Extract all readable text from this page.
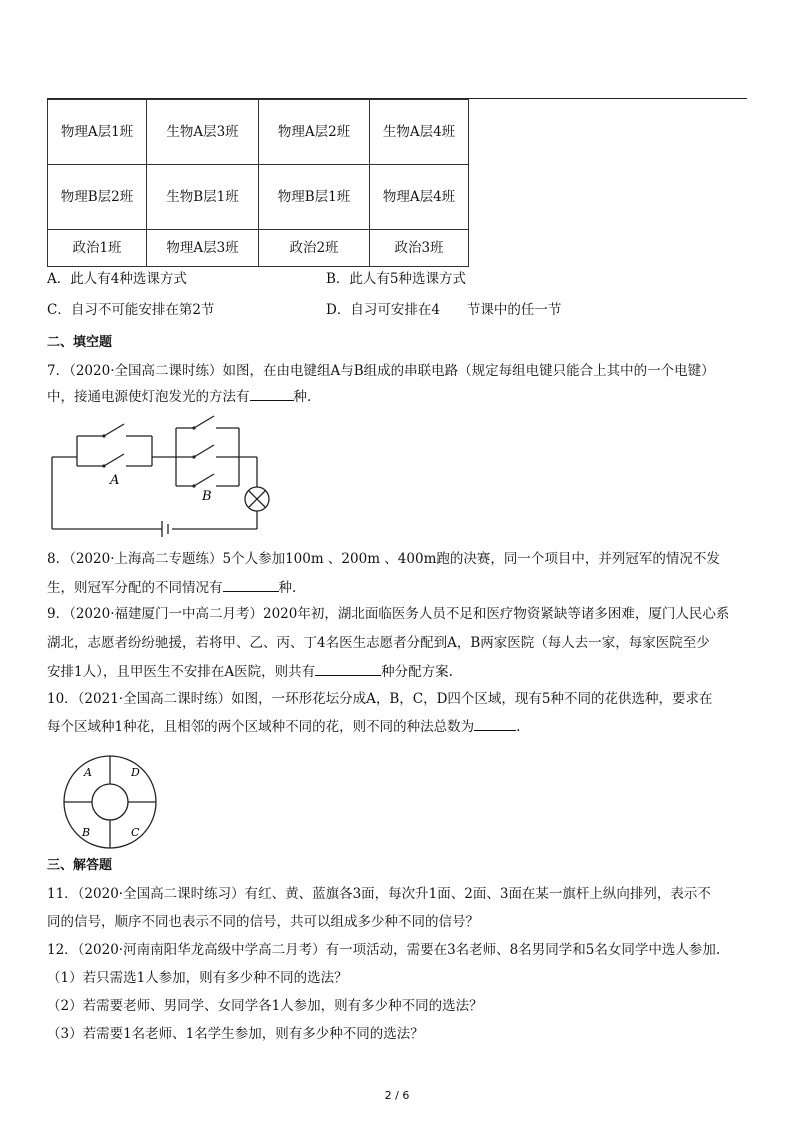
物理A层1班	生物A层3班	物理A层2班	生物A层4班
物理B层2班	生物B层1班	物理B层1班	物理A层4班
政治1班	物理A层3班	政治2班	政治3班
A．此人有4种选课方式	B．此人有5种选课方式
C．自习不可能安排在第2节	D．自习可安排在4　　节课中的任一节
二、填空题
7．（2020·全国高二课时练）如图，在由电键组A与B组成的串联电路（规定每组电键只能合上其中的一个电键）
中，接通电源使灯泡发光的方法有	种.
A
B
8．（2020·上海高二专题练）5个人参加100m 、200m 、400m跑的决赛，同一个项目中，并列冠军的情况不发
生，则冠军分配的不同情况有	种.
9．（2020·福建厦门一中高二月考）2020年初，湖北面临医务人员不足和医疗物资紧缺等诸多困难，厦门人民心系
湖北，志愿者纷纷驰援，若将甲、乙、丙、丁4名医生志愿者分配到A，B两家医院（每人去一家，每家医院至少
安排1人），且甲医生不安排在A医院，则共有	种分配方案.
10．（2021·全国高二课时练）如图，一环形花坛分成A，B，C，D四个区域，现有5种不同的花供选种，要求在
每个区域种1种花，且相邻的两个区域种不同的花，则不同的种法总数为	.
A	D
B	C
三、解答题
11．（2020·全国高二课时练习）有红、黄、蓝旗各3面，每次升1面、2面、3面在某一旗杆上纵向排列，表示不
同的信号，顺序不同也表示不同的信号，共可以组成多少种不同的信号？
12．（2020·河南南阳华龙高级中学高二月考）有一项活动，需要在3名老师、8名男同学和5名女同学中选人参加.
（1）若只需选1人参加，则有多少种不同的选法？
（2）若需要老师、男同学、女同学各1人参加，则有多少种不同的选法？
（3）若需要1名老师、1名学生参加，则有多少种不同的选法？
2 / 6
